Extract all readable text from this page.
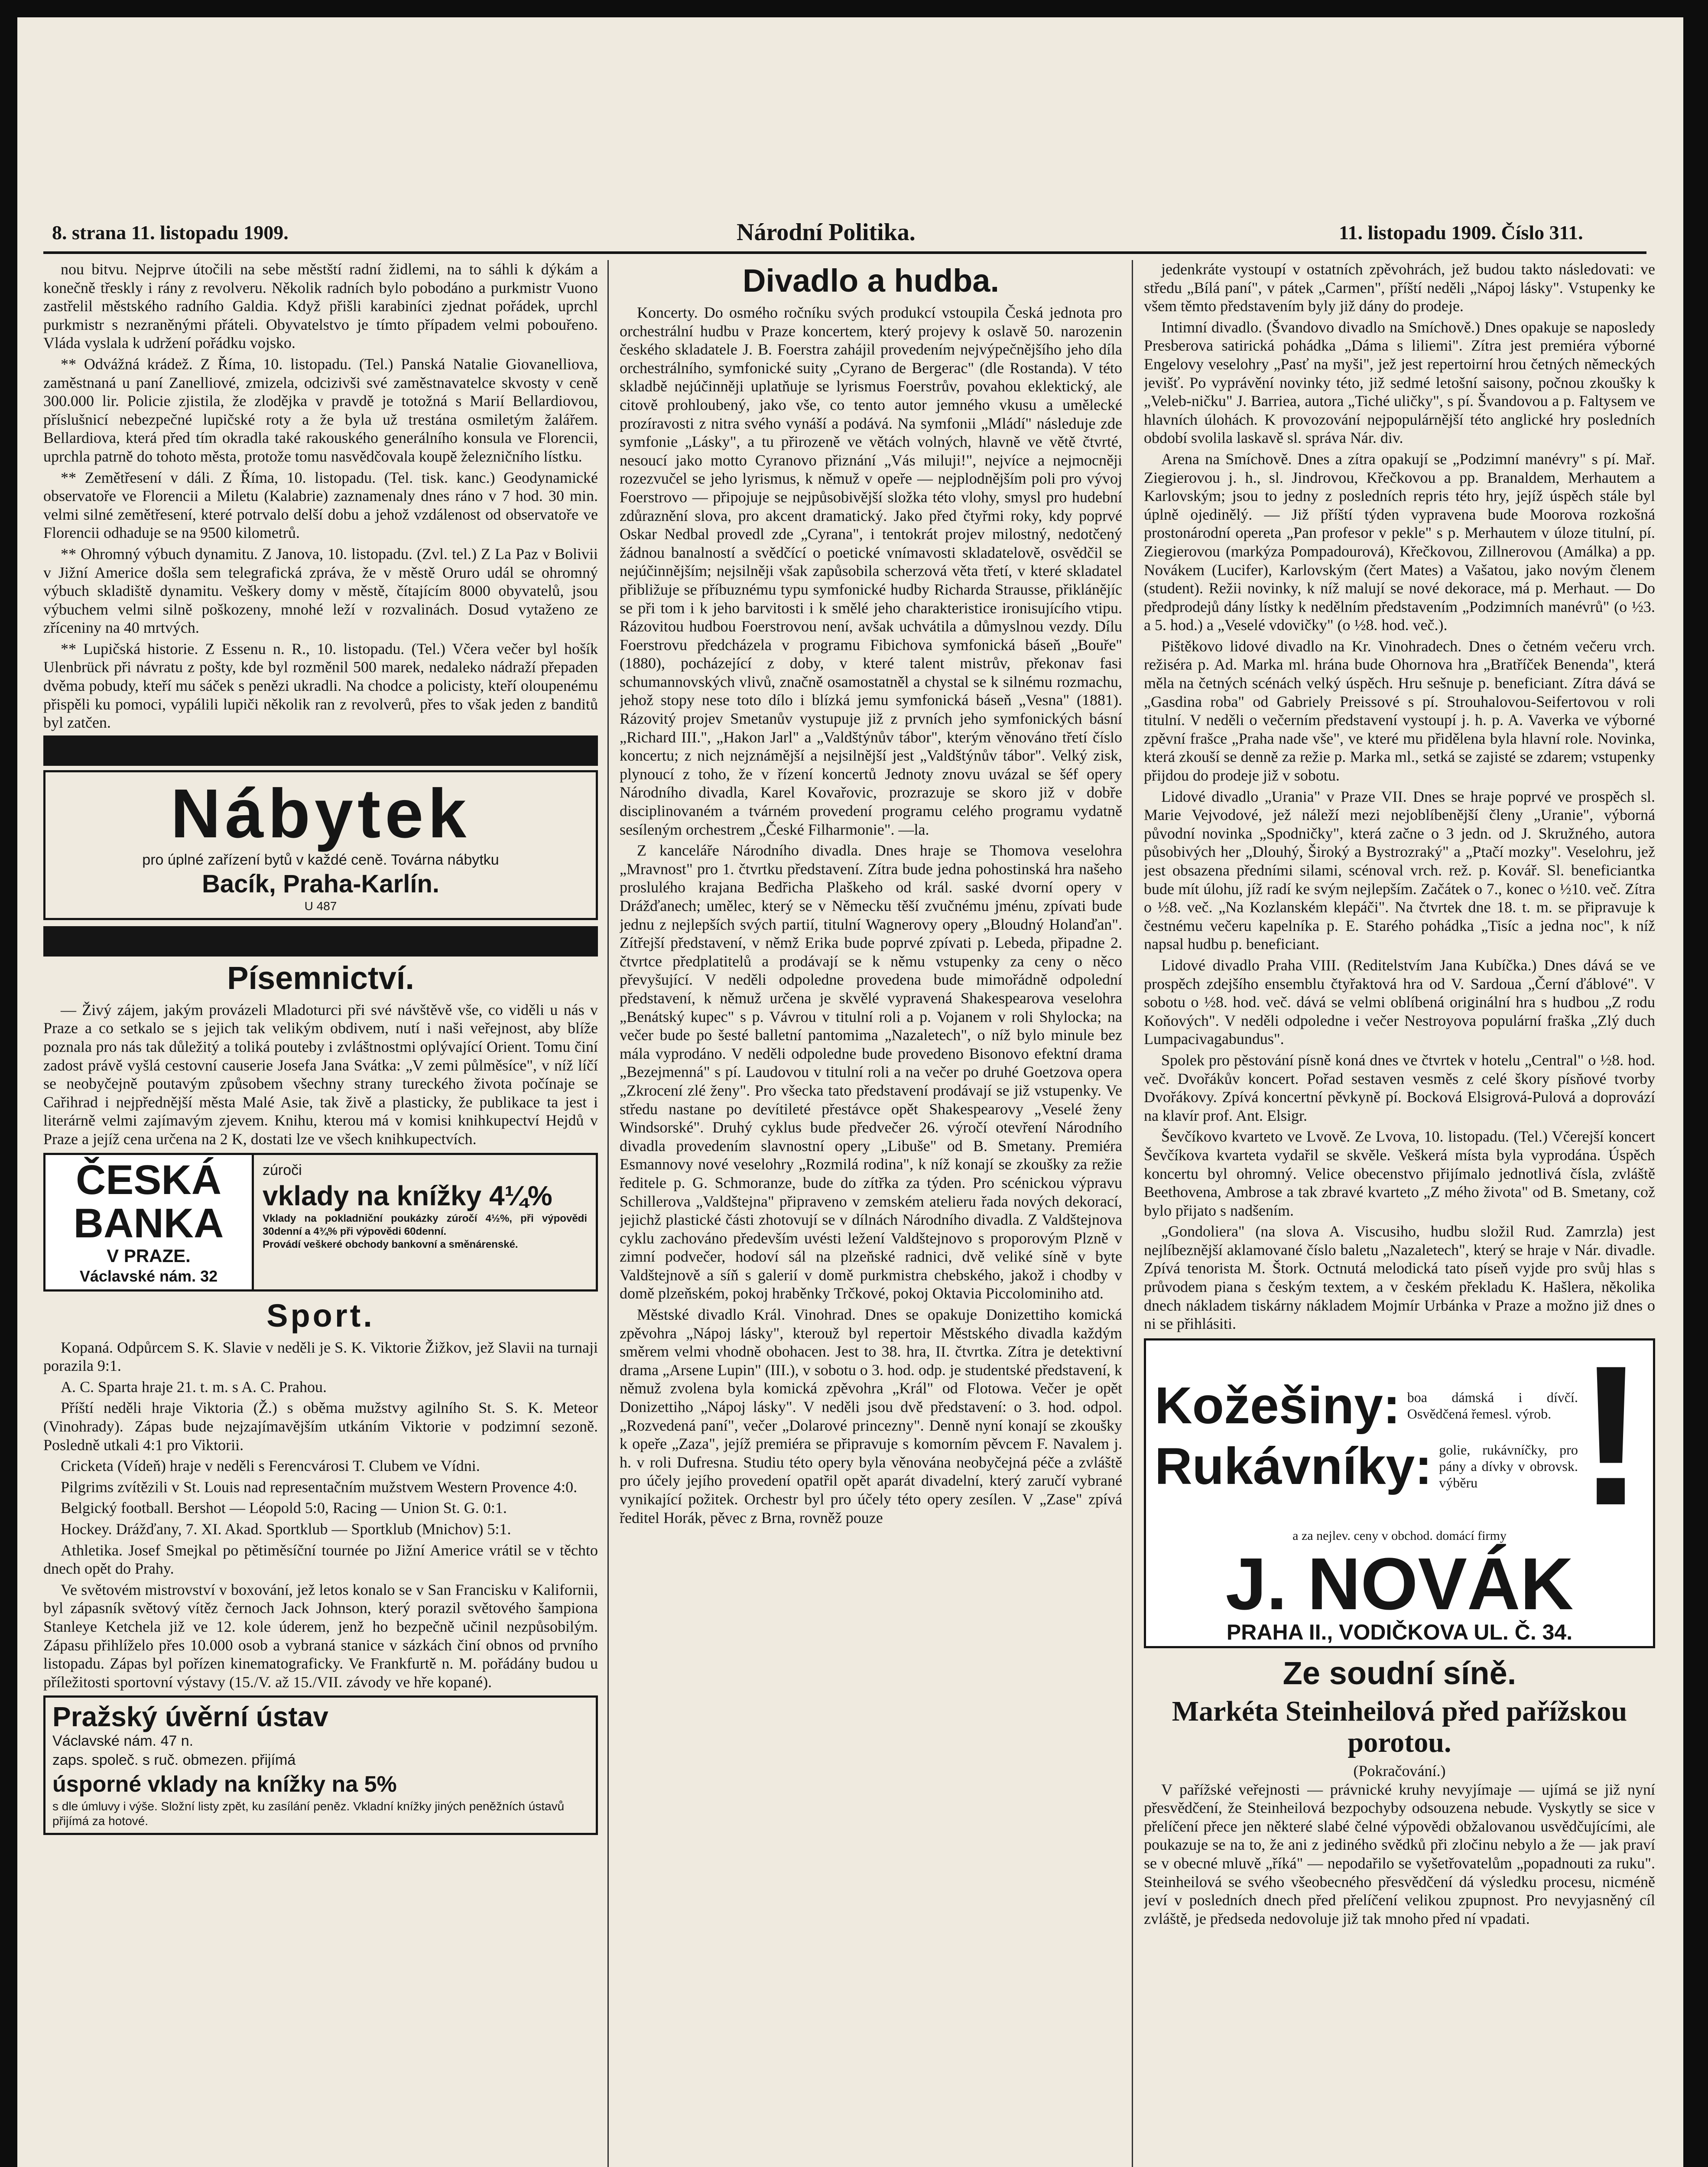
8. strana 11. listopadu 1909.	Národní Politika.	11. listopadu 1909. Číslo 311.

nou bitvu. Nejprve útočili na sebe městští radní židlemi, na to sáhli k dýkám a konečně třeskly i rány z revolveru. Několik radních bylo pobodáno a purkmistr Vuono zastřelil městského radního Galdia. Když přišli karabiníci zjednat pořádek, uprchl purkmistr s nezraněnými přáteli. Obyvatelstvo je tímto případem velmi pobouřeno. Vláda vyslala k udržení pořádku vojsko.

** Odvážná krádež. Z Říma, 10. listopadu. (Tel.) Panská Natalie Giovanelliova, zaměstnaná u paní Zanelliové, zmizela, odcizivši své zaměstnavatelce skvosty v ceně 300.000 lir. Policie zjistila, že zlodějka v pravdě je totožná s Marií Bellardiovou, příslušnicí nebezpečné lupičské roty a že byla už trestána osmiletým žalářem. Bellardiova, která před tím okradla také rakouského generálního konsula ve Florencii, uprchla patrně do tohoto města, protože tomu nasvědčovala koupě železničního lístku.

** Zemětřesení v dáli. Z Říma, 10. listopadu. (Tel. tisk. kanc.) Geodynamické observatoře ve Florencii a Miletu (Kalabrie) zaznamenaly dnes ráno v 7 hod. 30 min. velmi silné zemětřesení, které potrvalo delší dobu a jehož vzdálenost od observatoře ve Florencii odhaduje se na 9500 kilometrů.

** Ohromný výbuch dynamitu. Z Janova, 10. listopadu. (Zvl. tel.) Z La Paz v Bolivii v Jižní Americe došla sem telegrafická zpráva, že v městě Oruro udál se ohromný výbuch skladiště dynamitu. Veškery domy v městě, čítajícím 8000 obyvatelů, jsou výbuchem velmi silně poškozeny, mnohé leží v rozvalinách. Dosud vytaženo ze zříceniny na 40 mrtvých.

** Lupičská historie. Z Essenu n. R., 10. listopadu. (Tel.) Včera večer byl hošík Ulenbrück při návratu z pošty, kde byl rozměnil 500 marek, nedaleko nádraží přepaden dvěma pobudy, kteří mu sáček s penězi ukradli. Na chodce a policisty, kteří oloupenému přispěli ku pomoci, vypálili lupiči několik ran z revolverů, přes to však jeden z banditů byl zatčen.

Nábytek
pro úplné zařízení bytů v každé ceně. Továrna nábytku
Bacík, Praha-Karlín.
U 487
Písemnictví.

— Živý zájem, jakým provázeli Mladoturci při své návštěvě vše, co viděli u nás v Praze a co setkalo se s jejich tak velikým obdivem, nutí i naši veřejnost, aby blíže poznala pro nás tak důležitý a toliká pouteby i zvláštnostmi oplývající Orient. Tomu činí zadost právě vyšlá cestovní causerie Josefa Jana Svátka: „V zemi půlměsíce", v níž líčí se neobyčejně poutavým způsobem všechny strany tureckého života počínaje se Cařihrad i nejpřednější města Malé Asie, tak živě a plasticky, že publikace ta jest i literárně velmi zajímavým zjevem. Knihu, kterou má v komisi knihkupectví Hejdů v Praze a jejíž cena určena na 2 K, dostati lze ve všech knihkupectvích.

ČESKÁ
BANKA
V PRAZE.
Václavské nám. 32
zúroči
vklady na knížky 4¼%
Vklady na pokladniční poukázky zúročí 4½%, při výpovědi 30denní a 4¾% při výpovědi 60denní.
Provádí veškeré obchody bankovní a směnárenské.
Sport.

Kopaná. Odpůrcem S. K. Slavie v neděli je S. K. Viktorie Žižkov, jež Slavii na turnaji porazila 9:1.

A. C. Sparta hraje 21. t. m. s A. C. Prahou.

Příští neděli hraje Viktoria (Ž.) s oběma mužstvy agilního St. S. K. Meteor (Vinohrady). Zápas bude nejzajímavějším utkáním Viktorie v podzimní sezoně. Posledně utkali 4:1 pro Viktorii.

Cricketa (Vídeň) hraje v neděli s Ferencvárosi T. Clubem ve Vídni.

Pilgrims zvítězili v St. Louis nad representačním mužstvem Western Provence 4:0.

Belgický football. Bershot — Léopold 5:0, Racing — Union St. G. 0:1.

Hockey. Drážďany, 7. XI. Akad. Sportklub — Sportklub (Mnichov) 5:1.

Athletika. Josef Smejkal po pětiměsíční tournée po Jižní Americe vrátil se v těchto dnech opět do Prahy.

Ve světovém mistrovství v boxování, jež letos konalo se v San Francisku v Kalifornii, byl zápasník světový vítěz černoch Jack Johnson, který porazil světového šampiona Stanleye Ketchela již ve 12. kole úderem, jenž ho bezpečně učinil nezpůsobilým. Zápasu přihlíželo přes 10.000 osob a vybraná stanice v sázkách činí obnos od prvního listopadu. Zápas byl pořízen kinematograficky. Ve Frankfurtě n. M. pořádány budou u příležitosti sportovní výstavy (15./V. až 15./VII. závody ve hře kopané).

Pražský úvěrní ústav
Václavské nám. 47 n.
zaps. společ. s ruč. obmezen. přijímá
úsporné vklady na knížky na 5%
s dle úmluvy i výše. Složní listy zpět, ku zasílání peněz. Vkladní knížky jiných peněžních ústavů přijímá za hotové.
Divadlo a hudba.

Koncerty. Do osmého ročníku svých produkcí vstoupila Česká jednota pro orchestrální hudbu v Praze koncertem, který projevy k oslavě 50. narozenin českého skladatele J. B. Foerstra zahájil provedením nejvýpečnějšího jeho díla orchestrálního, symfonické suity „Cyrano de Bergerac" (dle Rostanda). V této skladbě nejúčinněji uplatňuje se lyrismus Foerstrův, povahou eklektický, ale citově prohloubený, jako vše, co tento autor jemného vkusu a umělecké prozíravosti z nitra svého vynáší a podává. Na symfonii „Mládí" následuje zde symfonie „Lásky", a tu přirozeně ve větách volných, hlavně ve větě čtvrté, nesoucí jako motto Cyranovo přiznání „Vás miluji!", nejvíce a nejmocněji rozezvučel se jeho lyrismus, k němuž v opeře — nejplodnějším poli pro vývoj Foerstrovo — připojuje se nejpůsobivější složka této vlohy, smysl pro hudební zdůraznění slova, pro akcent dramatický. Jako před čtyřmi roky, kdy poprvé Oskar Nedbal provedl zde „Cyrana", i tentokrát projev milostný, nedotčený žádnou banalností a svědčící o poetické vnímavosti skladatelově, osvědčil se nejúčinnějším; nejsilněji však zapůsobila scherzová věta třetí, v které skladatel přibližuje se příbuznému typu symfonické hudby Richarda Strausse, přiklánějíc se při tom i k jeho barvitosti i k smělé jeho charakteristice ironisujícího vtipu. Rázovitou hudbou Foerstrovou není, avšak uchvátila a důmyslnou vezdy. Dílu Foerstrovu předcházela v programu Fibichova symfonická báseň „Bouře" (1880), pocházející z doby, v které talent mistrův, překonav fasi schumannovských vlivů, značně osamostatněl a chystal se k silnému rozmachu, jehož stopy nese toto dílo i blízká jemu symfonická báseň „Vesna" (1881). Rázovitý projev Smetanův vystupuje již z prvních jeho symfonických básní „Richard III.", „Hakon Jarl" a „Valdštýnův tábor", kterým věnováno třetí číslo koncertu; z nich nejznámější a nejsilnější jest „Valdštýnův tábor". Velký zisk, plynoucí z toho, že v řízení koncertů Jednoty znovu uvázal se šéf opery Národního divadla, Karel Kovařovic, prozrazuje se skoro již v dobře disciplinovaném a tvárném provedení programu celého programu vydatně sesíleným orchestrem „České Filharmonie". —la.

Z kanceláře Národního divadla. Dnes hraje se Thomova veselohra „Mravnost" pro 1. čtvrtku představení. Zítra bude jedna pohostinská hra našeho proslulého krajana Bedřicha Plaškeho od král. saské dvorní opery v Drážďanech; umělec, který se v Německu těší zvučnému jménu, zpívati bude jednu z nejlepších svých partií, titulní Wagnerovy opery „Bloudný Holanďan". Zítřejší představení, v němž Erika bude poprvé zpívati p. Lebeda, připadne 2. čtvrtce předplatitelů a prodávají se k němu vstupenky za ceny o něco převyšující. V neděli odpoledne provedena bude mimořádně odpolední představení, k němuž určena je skvělé vypravená Shakespearova veselohra „Benátský kupec" s p. Vávrou v titulní roli a p. Vojanem v roli Shylocka; na večer bude po šesté balletní pantomima „Nazaletech", o níž bylo minule bez mála vyprodáno. V neděli odpoledne bude provedeno Bisonovo efektní drama „Bezejmenná" s pí. Laudovou v titulní roli a na večer po druhé Goetzova opera „Zkrocení zlé ženy". Pro všecka tato představení prodávají se již vstupenky. Ve středu nastane po devítileté přestávce opět Shakespearovy „Veselé ženy Windsorské". Druhý cyklus bude předvečer 26. výročí otevření Národního divadla provedením slavnostní opery „Libuše" od B. Smetany. Premiéra Esmannovy nové veselohry „Rozmilá rodina", k níž konají se zkoušky za režie ředitele p. G. Schmoranze, bude do zítřka za týden. Pro scénickou výpravu Schillerova „Valdštejna" připraveno v zemském atelieru řada nových dekorací, jejichž plastické části zhotovují se v dílnách Národního divadla. Z Valdštejnova cyklu zachováno především uvésti ležení Valdštejnovo s proporovým Plzně v zimní podvečer, hodoví sál na plzeňské radnici, dvě veliké síně v byte Valdštejnově a síň s galerií v domě purkmistra chebského, jakož i chodby v domě plzeňském, pokoj hraběnky Trčkové, pokoj Oktavia Piccolominiho atd.

Městské divadlo Král. Vinohrad. Dnes se opakuje Donizettiho komická zpěvohra „Nápoj lásky", kterouž byl repertoir Městského divadla každým směrem velmi vhodně obohacen. Jest to 38. hra, II. čtvrtka. Zítra je detektivní drama „Arsene Lupin" (III.), v sobotu o 3. hod. odp. je studentské představení, k němuž zvolena byla komická zpěvohra „Král" od Flotowa. Večer je opět Donizettiho „Nápoj lásky". V neděli jsou dvě představení: o 3. hod. odpol. „Rozvedená paní", večer „Dolarové princezny". Denně nyní konají se zkoušky k opeře „Zaza", jejíž premiéra se připravuje s komorním pěvcem F. Navalem j. h. v roli Dufresna. Studiu této opery byla věnována neobyčejná péče a zvláště pro účely jejího provedení opatřil opět aparát divadelní, který zaručí vybrané vynikající požitek. Orchestr byl pro účely této opery zesílen. V „Zase" zpívá ředitel Horák, pěvec z Brna, rovněž pouze

jedenkráte vystoupí v ostatních zpěvohrách, jež budou takto následovati: ve středu „Bílá paní", v pátek „Carmen", příští neděli „Nápoj lásky". Vstupenky ke všem těmto představením byly již dány do prodeje.

Intimní divadlo. (Švandovo divadlo na Smíchově.) Dnes opakuje se naposledy Presberova satirická pohádka „Dáma s liliemi". Zítra jest premiéra výborné Engelovy veselohry „Pasť na myši", jež jest repertoirní hrou četných německých jevišť. Po vyprávění novinky této, již sedmé letošní saisony, počnou zkoušky k „Veleb-ničku" J. Barriea, autora „Tiché uličky", s pí. Švandovou a p. Faltysem ve hlavních úlohách. K provozování nejpopulárnější této anglické hry posledních období svolila laskavě sl. správa Nár. div.

Arena na Smíchově. Dnes a zítra opakují se „Podzimní manévry" s pí. Mař. Ziegierovou j. h., sl. Jindrovou, Křečkovou a pp. Branaldem, Merhautem a Karlovským; jsou to jedny z posledních repris této hry, jejíž úspěch stále byl úplně ojedinělý. — Již příští týden vypravena bude Moorova rozkošná prostonárodní opereta „Pan profesor v pekle" s p. Merhautem v úloze titulní, pí. Ziegierovou (markýza Pompadourová), Křečkovou, Zillnerovou (Amálka) a pp. Novákem (Lucifer), Karlovským (čert Mates) a Vašatou, jako novým členem (student). Režii novinky, k níž malují se nové dekorace, má p. Merhaut. — Do předprodejů dány lístky k nedělním představením „Podzimních manévrů" (o ½3. a 5. hod.) a „Veselé vdovičky" (o ½8. hod. več.).

Pištěkovo lidové divadlo na Kr. Vinohradech. Dnes o četném večeru vrch. režiséra p. Ad. Marka ml. hrána bude Ohornova hra „Bratříček Benenda", která měla na četných scénách velký úspěch. Hru sešnuje p. beneficiant. Zítra dává se „Gasdina roba" od Gabriely Preissové s pí. Strouhalovou-Seifertovou v roli titulní. V neděli o večerním představení vystoupí j. h. p. A. Vaverka ve výborné zpěvní frašce „Praha nade vše", ve které mu přidělena byla hlavní role. Novinka, která zkouší se denně za režie p. Marka ml., setká se zajisté se zdarem; vstupenky přijdou do prodeje již v sobotu.

Lidové divadlo „Urania" v Praze VII. Dnes se hraje poprvé ve prospěch sl. Marie Vejvodové, jež náleží mezi nejoblíbenější členy „Uranie", výborná původní novinka „Spodničky", která začne o 3 jedn. od J. Skružného, autora působivých her „Dlouhý, Široký a Bystrozraký" a „Ptačí mozky". Veselohru, jež jest obsazena předními silami, scénoval vrch. rež. p. Kovář. Sl. beneficiantka bude mít úlohu, jíž radí ke svým nejlepším. Začátek o 7., konec o ½10. več. Zítra o ½8. več. „Na Kozlanském klepáči". Na čtvrtek dne 18. t. m. se připravuje k čestnému večeru kapelníka p. E. Starého pohádka „Tisíc a jedna noc", k níž napsal hudbu p. beneficiant.

Lidové divadlo Praha VIII. (Reditelstvím Jana Kubíčka.) Dnes dává se ve prospěch zdejšího ensemblu čtyřaktová hra od V. Sardoua „Černí ďáblové". V sobotu o ½8. hod. več. dává se velmi oblíbená originální hra s hudbou „Z rodu Koňových". V neděli odpoledne i večer Nestroyova populární fraška „Zlý duch Lumpacivagabundus".

Spolek pro pěstování písně koná dnes ve čtvrtek v hotelu „Central" o ½8. hod. več. Dvořákův koncert. Pořad sestaven vesměs z celé škory písňové tvorby Dvořákovy. Zpívá koncertní pěvkyně pí. Bocková Elsigrová-Pulová a doprovází na klavír prof. Ant. Elsigr.

Ševčíkovo kvarteto ve Lvově. Ze Lvova, 10. listopadu. (Tel.) Včerejší koncert Ševčíkova kvarteta vydařil se skvěle. Veškerá místa byla vyprodána. Úspěch koncertu byl ohromný. Velice obecenstvo přijímalo jednotlivá čísla, zvláště Beethovena, Ambrose a tak zbravé kvarteto „Z mého života" od B. Smetany, což bylo přijato s nadšením.

„Gondoliera" (na slova A. Viscusiho, hudbu složil Rud. Zamrzla) jest nejlíbeznější aklamované číslo baletu „Nazaletech", který se hraje v Nár. divadle. Zpívá tenorista M. Štork. Octnutá melodická tato píseň vyjde pro svůj hlas s průvodem piana s českým textem, a v českém překladu K. Hašlera, několika dnech nákladem tiskárny nákladem Mojmír Urbánka v Praze a možno již dnes o ni se přihlásiti.

Kožešiny: boa dámská i dívčí. Osvědčená řemesl. výrob.
Rukávníky: golie, rukávníčky, pro pány a dívky v obrovsk. výběru !
a za nejlev. ceny v obchod. domácí firmy
J. NOVÁK
PRAHA II., VODIČKOVA UL. Č. 34.
Ze soudní síně.
Markéta Steinheilová před pařížskou porotou.
(Pokračování.)

V pařížské veřejnosti — právnické kruhy nevyjímaje — ujímá se již nyní přesvědčení, že Steinheilová bezpochyby odsouzena nebude. Vyskytly se sice v přelíčení přece jen některé slabé čelné výpovědi obžalovanou usvědčujícími, ale poukazuje se na to, že ani z jediného svědků při zločinu nebylo a že — jak praví se v obecné mluvě „říká" — nepodařilo se vyšetřovatelům „popadnouti za ruku". Steinheilová se svého všeobecného přesvědčení dá výsledku procesu, nicméně jeví v posledních dnech před přelíčení velikou zpupnost. Pro nevyjasněný cíl zvláště, je předseda nedovoluje již tak mnoho před ní vpadati.
